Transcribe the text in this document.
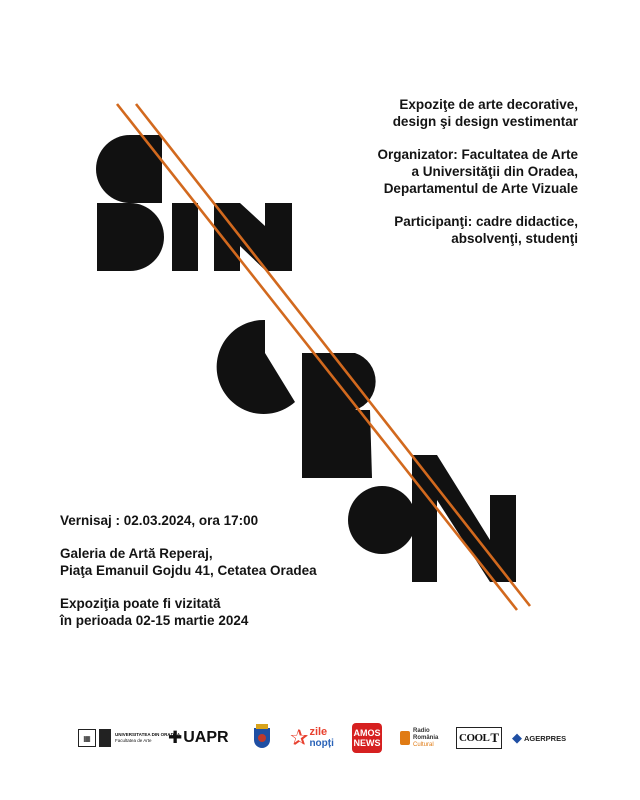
Expoziţe de arte decorative,
design şi design vestimentar
Organizator: Facultatea de Arte
a Universităţii din Oradea,
Departamentul de Arte Vizuale
Participanţi: cadre didactice,
absolvenţi, studenţi
Vernisaj : 02.03.2024, ora 17:00
Galeria de Artă Reperaj,
Piaţa Emanuil Gojdu 41, Cetatea Oradea
Expoziţia poate fi vizitată
în perioada 02-15 martie 2024
▦	UNIVERSITATEA DIN ORADEA
Facultatea de Arte ✚ UAPR	✰ zile
nopți
AMOS
NEWS
Radio
România
Cultural
COOL T ◆ AGERPRES
